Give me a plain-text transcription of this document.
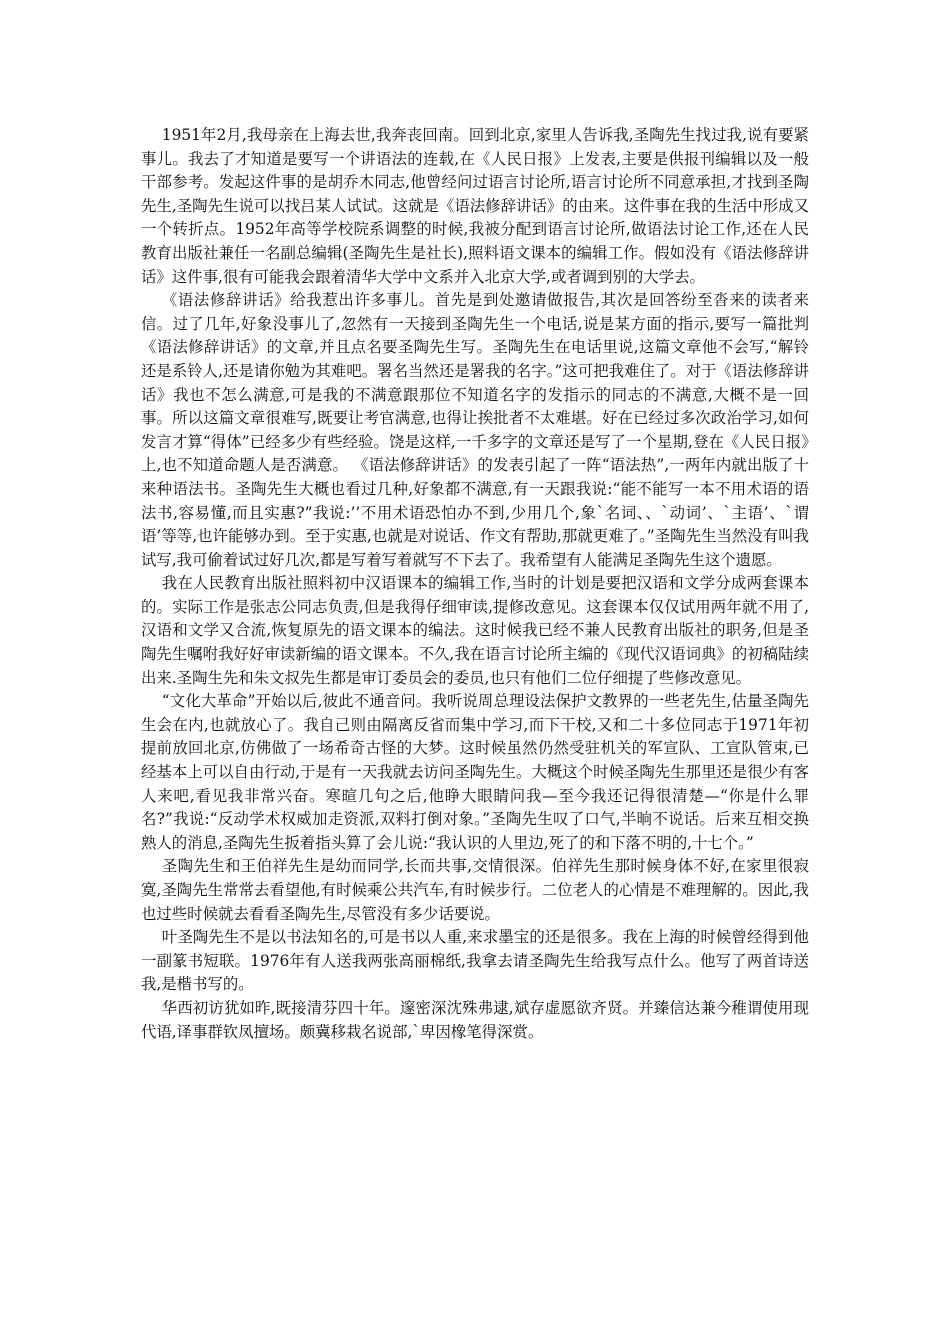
1951年2月,我母亲在上海去世,我奔丧回南。回到北京,家里人告诉我,圣陶先生找过我,说有要紧事儿。我去了才知道是要写一个讲语法的连载,在《人民日报》上发表,主要是供报刊编辑以及一般干部参考。发起这件事的是胡乔木同志,他曾经问过语言讨论所,语言讨论所不同意承担,才找到圣陶先生,圣陶先生说可以找吕某人试试。这就是《语法修辞讲话》的由来。这件事在我的生活中形成又一个转折点。1952年高等学校院系调整的时候,我被分配到语言讨论所,做语法讨论工作,还在人民教育出版社兼任一名副总编辑(圣陶先生是社长),照料语文课本的编辑工作。假如没有《语法修辞讲话》这件事,很有可能我会跟着清华大学中文系并入北京大学,或者调到别的大学去。

《语法修辞讲话》给我惹出许多事儿。首先是到处邀请做报告,其次是回答纷至沓来的读者来信。过了几年,好象没事儿了,忽然有一天接到圣陶先生一个电话,说是某方面的指示,要写一篇批判《语法修辞讲话》的文章,并且点名要圣陶先生写。圣陶先生在电话里说,这篇文章他不会写,“解铃还是系铃人,还是请你勉为其难吧。署名当然还是署我的名字。”这可把我难住了。对于《语法修辞讲话》我也不怎么满意,可是我的不满意跟那位不知道名字的发指示的同志的不满意,大概不是一回事。所以这篇文章很难写,既要让考官满意,也得让挨批者不太难堪。好在已经过多次政治学习,如何发言才算“得体”已经多少有些经验。饶是这样,一千多字的文章还是写了一个星期,登在《人民日报》上,也不知道命题人是否满意。 《语法修辞讲话》的发表引起了一阵“语法热”,一两年内就出版了十来种语法书。圣陶先生大概也看过几种,好象都不满意,有一天跟我说:“能不能写一本不用术语的语法书,容易懂,而且实惠?”我说:’’不用术语恐怕办不到,少用几个,象`名词、、`动词’、`主语’、`谓语’等等,也许能够办到。至于实惠,也就是对说话、作文有帮助,那就更难了。”圣陶先生当然没有叫我试写,我可偷着试过好几次,都是写着写着就写不下去了。我希望有人能满足圣陶先生这个遗愿。

我在人民教育出版社照料初中汉语课本的编辑工作,当时的计划是要把汉语和文学分成两套课本的。实际工作是张志公同志负责,但是我得仔细审读,提修改意见。这套课本仅仅试用两年就不用了,汉语和文学又合流,恢复原先的语文课本的编法。这时候我已经不兼人民教育出版社的职务,但是圣陶先生嘱咐我好好审读新编的语文课本。不久,我在语言讨论所主编的《现代汉语词典》的初稿陆续出来.圣陶生先和朱文叔先生都是审订委员会的委员,也只有他们二位仔细提了些修改意见。

“文化大革命”开始以后,彼此不通音问。我听说周总理设法保护文教界的一些老先生,估量圣陶先生会在内,也就放心了。我自己则由隔离反省而集中学习,而下干校,又和二十多位同志于1971年初提前放回北京,仿佛做了一场希奇古怪的大梦。这时候虽然仍然受驻机关的军宣队、工宣队管束,已经基本上可以自由行动,于是有一天我就去访问圣陶先生。大概这个时候圣陶先生那里还是很少有客人来吧,看见我非常兴奋。寒暄几句之后,他睁大眼睛问我—至今我还记得很清楚—“你是什么罪名?”我说:“反动学术权威加走资派,双料打倒对象。”圣陶先生叹了口气,半晌不说话。后来互相交换熟人的消息,圣陶先生扳着指头算了会儿说:“我认识的人里边,死了的和下落不明的,十七个。”

圣陶先生和王伯祥先生是幼而同学,长而共事,交情很深。伯祥先生那时候身体不好,在家里很寂寞,圣陶先生常常去看望他,有时候乘公共汽车,有时候步行。二位老人的心情是不难理解的。因此,我也过些时候就去看看圣陶先生,尽管没有多少话要说。

叶圣陶先生不是以书法知名的,可是书以人重,来求墨宝的还是很多。我在上海的时候曾经得到他一副篆书短联。1976年有人送我两张高丽棉纸,我拿去请圣陶先生给我写点什么。他写了两首诗送我,是楷书写的。

华西初访犹如昨,既接清芬四十年。邃密深沈殊弗逮,斌存虚愿欲齐贤。并臻信达兼今稚谓使用现代语,译事群钦凤擅场。颇冀移栽名说部,`卑因橡笔得深赏。
